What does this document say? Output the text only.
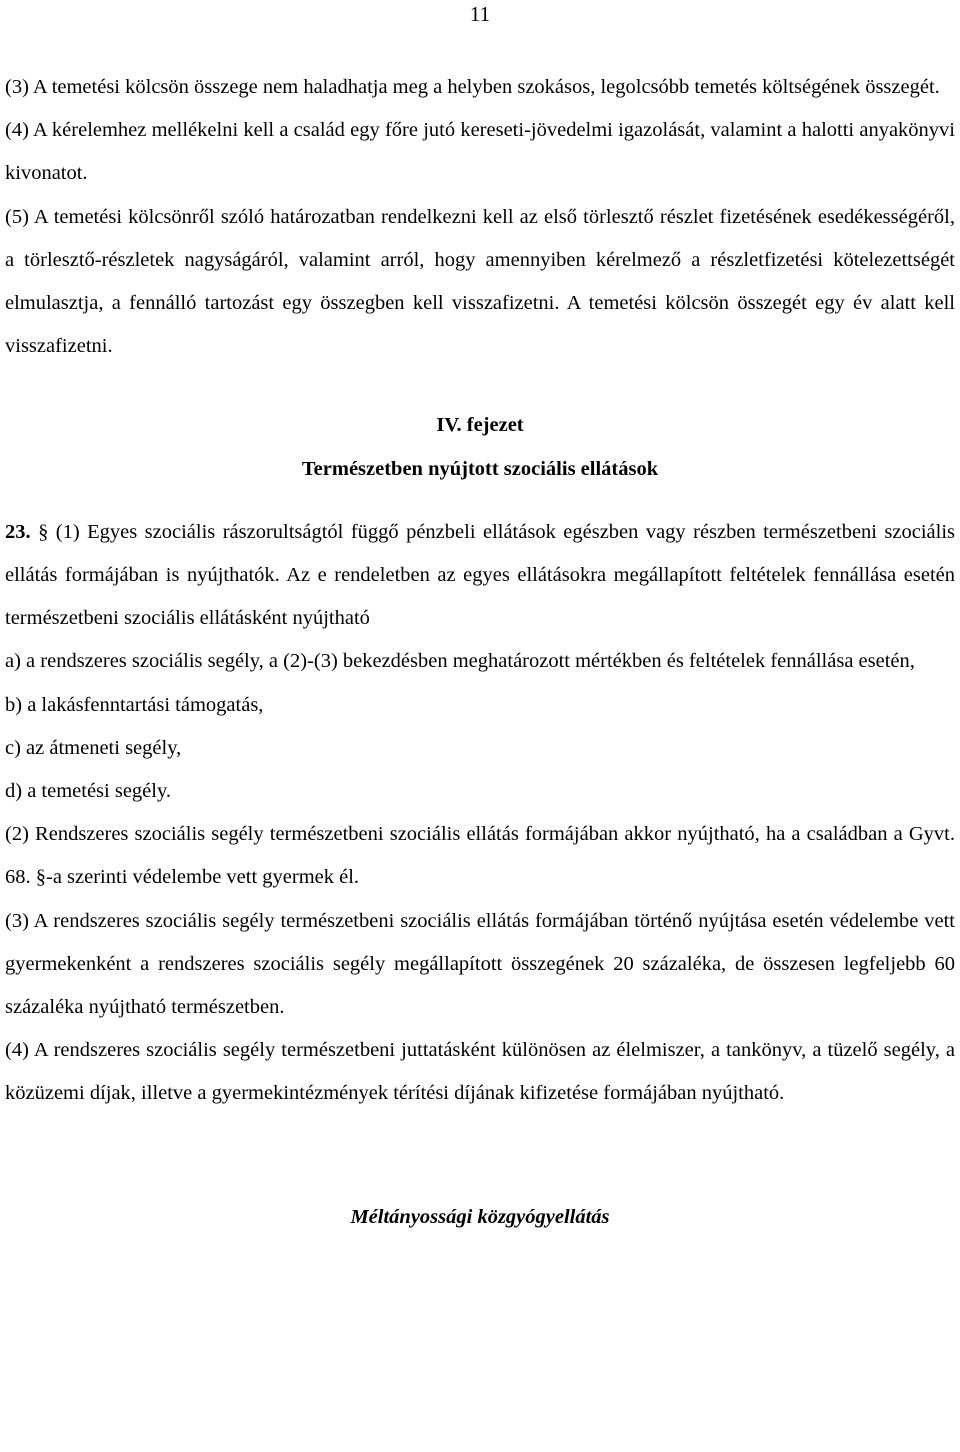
11

(3) A temetési kölcsön összege nem haladhatja meg a helyben szokásos, legolcsóbb temetés költségének összegét.

(4) A kérelemhez mellékelni kell a család egy főre jutó kereseti-jövedelmi igazolását, valamint a halotti anyakönyvi kivonatot.

(5) A temetési kölcsönről szóló határozatban rendelkezni kell az első törlesztő részlet fizetésének esedékességéről, a törlesztő-részletek nagyságáról, valamint arról, hogy amennyiben kérelmező a részletfizetési kötelezettségét elmulasztja, a fennálló tartozást egy összegben kell visszafizetni. A temetési kölcsön összegét egy év alatt kell visszafizetni.

IV. fejezet

Természetben nyújtott szociális ellátások

23. § (1) Egyes szociális rászorultságtól függő pénzbeli ellátások egészben vagy részben természetbeni szociális ellátás formájában is nyújthatók. Az e rendeletben az egyes ellátásokra megállapított feltételek fennállása esetén természetbeni szociális ellátásként nyújtható

a) a rendszeres szociális segély, a (2)-(3) bekezdésben meghatározott mértékben és feltételek fennállása esetén,

b) a lakásfenntartási támogatás,

c) az átmeneti segély,

d) a temetési segély.

(2) Rendszeres szociális segély természetbeni szociális ellátás formájában akkor nyújtható, ha a családban a Gyvt. 68. §-a szerinti védelembe vett gyermek él.

(3) A rendszeres szociális segély természetbeni szociális ellátás formájában történő nyújtása esetén védelembe vett gyermekenként a rendszeres szociális segély megállapított összegének 20 százaléka, de összesen legfeljebb 60 százaléka nyújtható természetben.

(4) A rendszeres szociális segély természetbeni juttatásként különösen az élelmiszer, a tankönyv, a tüzelő segély, a közüzemi díjak, illetve a gyermekintézmények térítési díjának kifizetése formájában nyújtható.

Méltányossági közgyógyellátás
